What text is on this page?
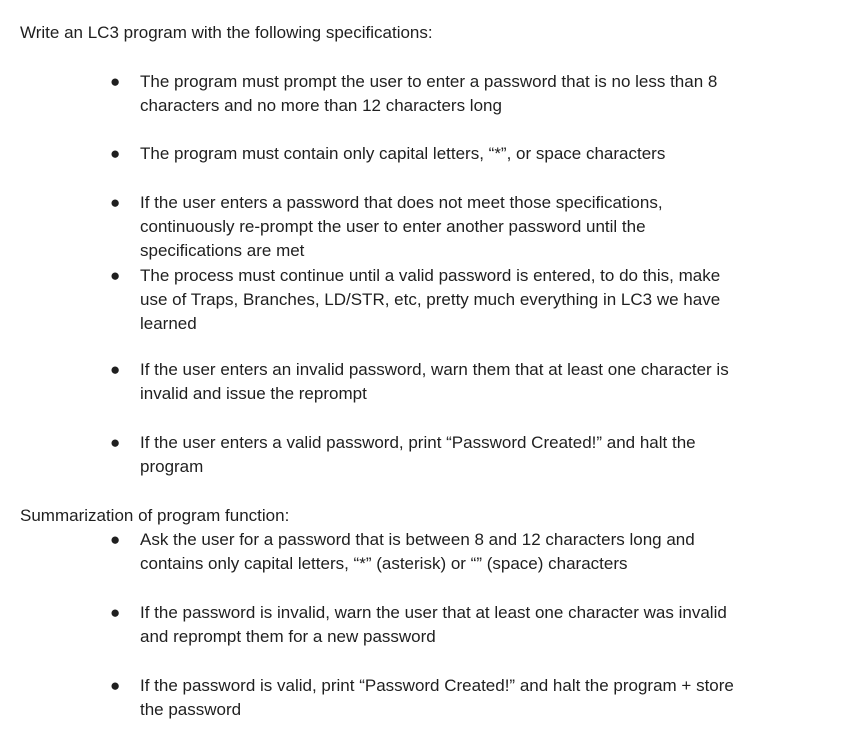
Write an LC3 program with the following specifications:

● The program must prompt the user to enter a password that is no less than 8
characters and no more than 12 characters long
● The program must contain only capital letters, “*”, or space characters
● If the user enters a password that does not meet those specifications,
continuously re-prompt the user to enter another password until the
specifications are met
● The process must continue until a valid password is entered, to do this, make
use of Traps, Branches, LD/STR, etc, pretty much everything in LC3 we have
learned
● If the user enters an invalid password, warn them that at least one character is
invalid and issue the reprompt
● If the user enters a valid password, print “Password Created!” and halt the
program

Summarization of program function:

● Ask the user for a password that is between 8 and 12 characters long and
contains only capital letters, “*” (asterisk) or “” (space) characters
● If the password is invalid, warn the user that at least one character was invalid
and reprompt them for a new password
● If the password is valid, print “Password Created!” and halt the program + store
the password
